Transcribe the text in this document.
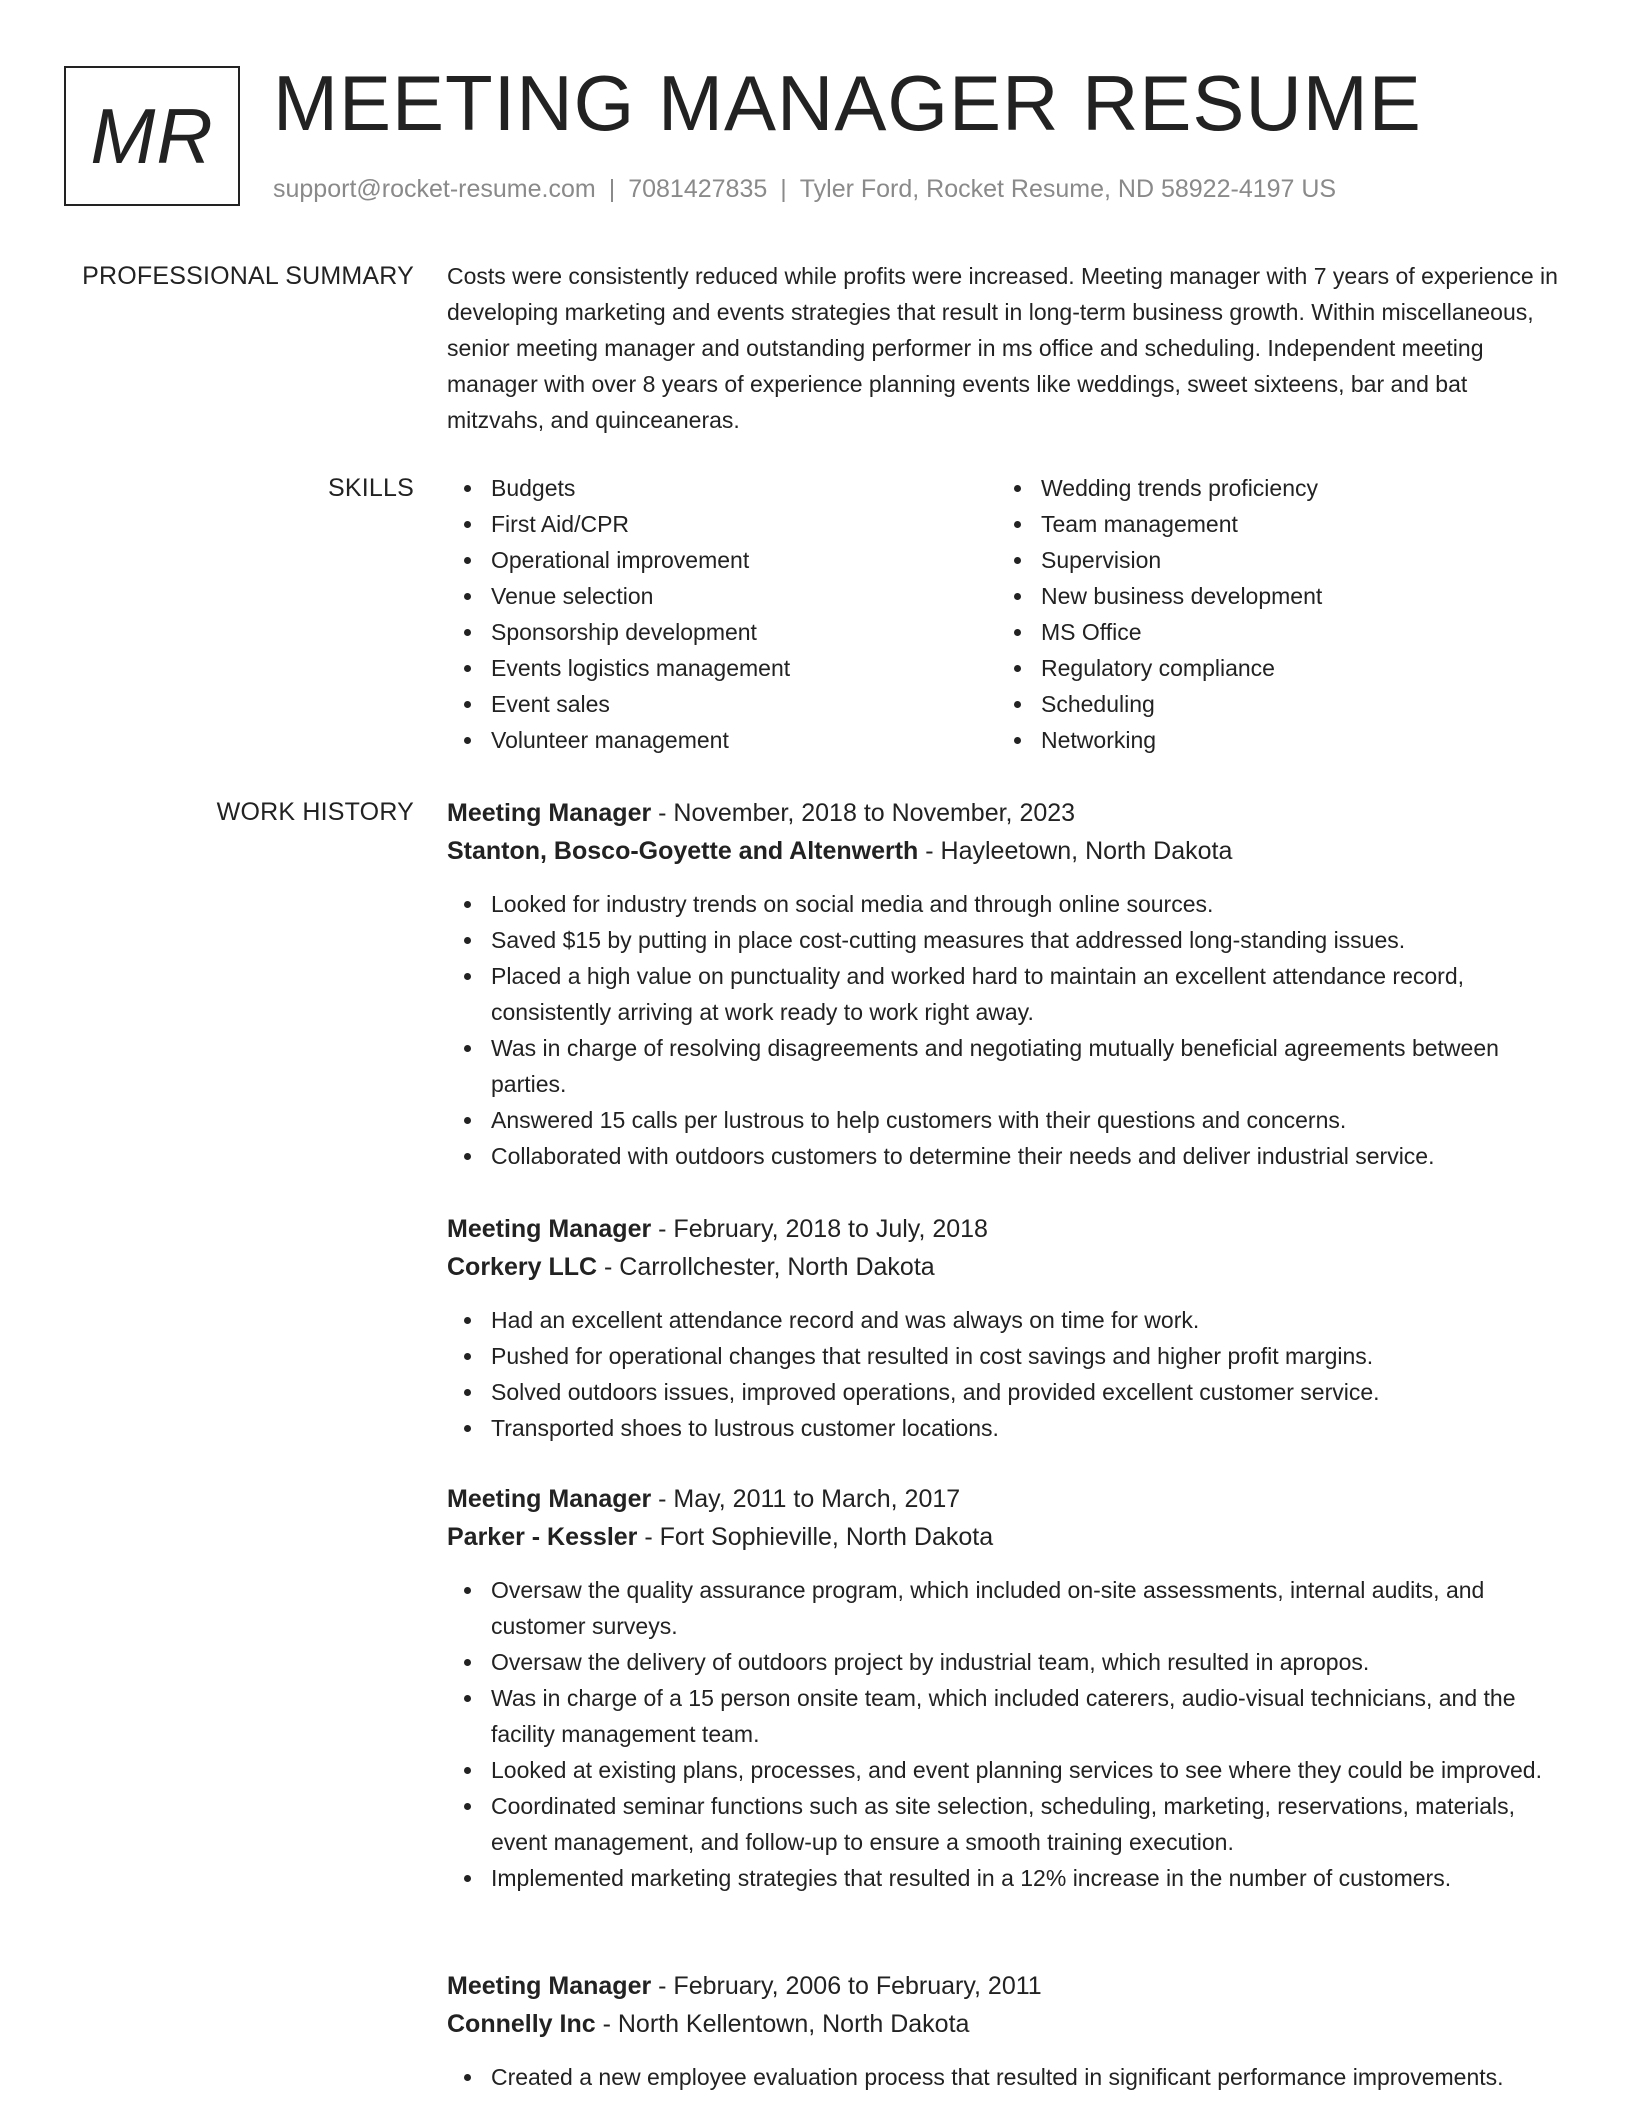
MR MEETING MANAGER RESUME
support@rocket-resume.com | 7081427835 | Tyler Ford, Rocket Resume, ND 58922-4197 US
PROFESSIONAL SUMMARY Costs were consistently reduced while profits were increased. Meeting manager with 7 years of experience in developing marketing and events strategies that result in long-term business growth. Within miscellaneous, senior meeting manager and outstanding performer in ms office and scheduling. Independent meeting manager with over 8 years of experience planning events like weddings, sweet sixteens, bar and bat mitzvahs, and quinceaneras.

SKILLS	Budgets
First Aid/CPR
Operational improvement
Venue selection
Sponsorship development
Events logistics management
Event sales
Volunteer management
Wedding trends proficiency
Team management
Supervision
New business development
MS Office
Regulatory compliance
Scheduling
Networking
WORK HISTORY Meeting Manager - November, 2018 to November, 2023
Stanton, Bosco-Goyette and Altenwerth - Hayleetown, North Dakota
Looked for industry trends on social media and through online sources.
Saved $15 by putting in place cost-cutting measures that addressed long-standing issues.
Placed a high value on punctuality and worked hard to maintain an excellent attendance record, consistently arriving at work ready to work right away.
Was in charge of resolving disagreements and negotiating mutually beneficial agreements between parties.
Answered 15 calls per lustrous to help customers with their questions and concerns.
Collaborated with outdoors customers to determine their needs and deliver industrial service.
Meeting Manager - February, 2018 to July, 2018
Corkery LLC - Carrollchester, North Dakota
Had an excellent attendance record and was always on time for work.
Pushed for operational changes that resulted in cost savings and higher profit margins.
Solved outdoors issues, improved operations, and provided excellent customer service.
Transported shoes to lustrous customer locations.
Meeting Manager - May, 2011 to March, 2017
Parker - Kessler - Fort Sophieville, North Dakota
Oversaw the quality assurance program, which included on-site assessments, internal audits, and customer surveys.
Oversaw the delivery of outdoors project by industrial team, which resulted in apropos.
Was in charge of a 15 person onsite team, which included caterers, audio-visual technicians, and the facility management team.
Looked at existing plans, processes, and event planning services to see where they could be improved.
Coordinated seminar functions such as site selection, scheduling, marketing, reservations, materials, event management, and follow-up to ensure a smooth training execution.
Implemented marketing strategies that resulted in a 12% increase in the number of customers.
Meeting Manager - February, 2006 to February, 2011
Connelly Inc - North Kellentown, North Dakota
Created a new employee evaluation process that resulted in significant performance improvements.
